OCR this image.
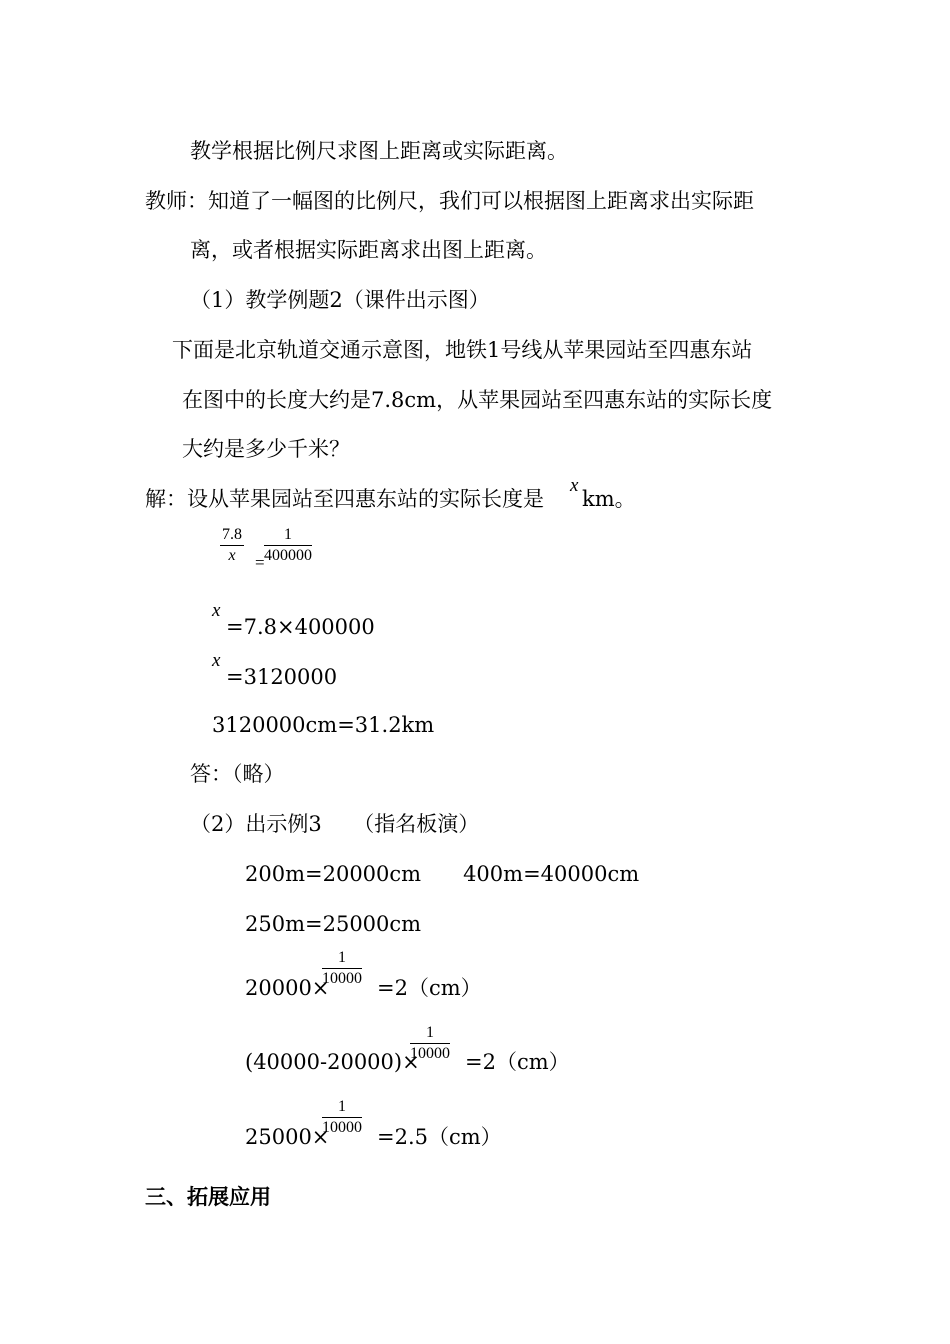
教学根据比例尺求图上距离或实际距离。
教师：知道了一幅图的比例尺，我们可以根据图上距离求出实际距
离，或者根据实际距离求出图上距离。
（1）教学例题2（课件出示图）
下面是北京轨道交通示意图，地铁1号线从苹果园站至四惠东站
在图中的长度大约是7.8cm，从苹果园站至四惠东站的实际长度
大约是多少千米？
解：设从苹果园站至四惠东站的实际长度是
x
km。
7.8
x	=
1
400000
x
=7.8×400000
x
=3120000
3120000cm=31.2km
答：（略）
（2）出示例3　　（指名板演）
200m=20000cm　　400m=40000cm
250m=25000cm
20000×
1
10000 =2（cm）
(40000-20000)×
1
10000 =2（cm）
25000×
1
10000 =2.5（cm）
三、拓展应用
